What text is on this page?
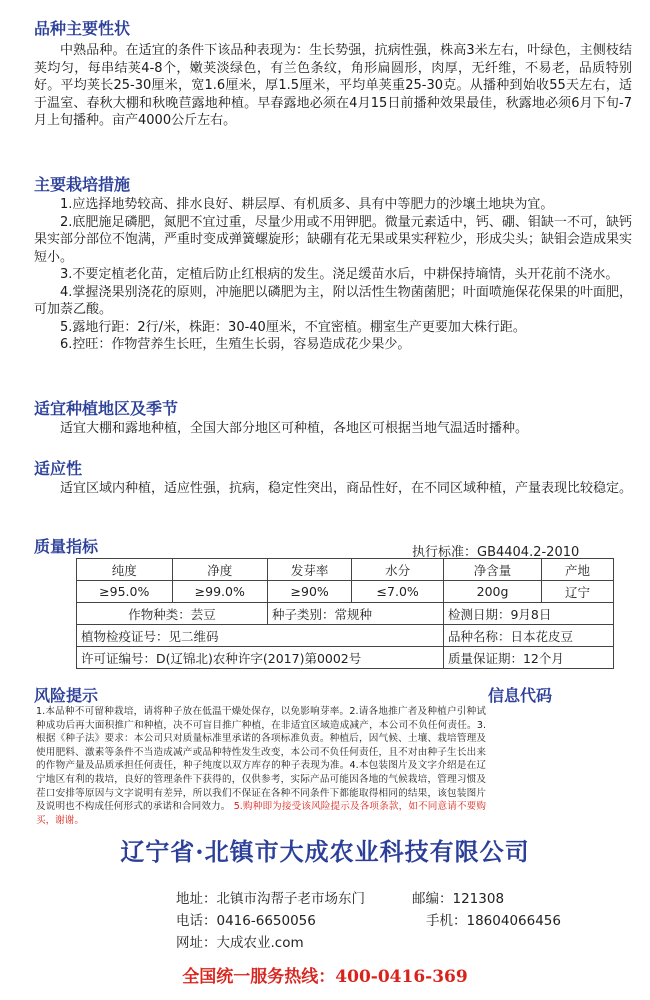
品种主要性状

中熟品种。在适宜的条件下该品种表现为：生长势强，抗病性强，株高3米左右，叶绿色，主侧枝结荚均匀，每串结荚4-8个，嫩荚淡绿色，有兰色条纹，角形扁圆形，肉厚，无纤维，不易老，品质特别好。平均荚长25-30厘米，宽1.6厘米，厚1.5厘米，平均单荚重25-30克。从播种到始收55天左右，适于温室、春秋大棚和秋晚苣露地种植。早春露地必须在4月15日前播种效果最佳，秋露地必须6月下旬-7月上旬播种。亩产4000公斤左右。

主要栽培措施

1.应选择地势较高、排水良好、耕层厚、有机质多、具有中等肥力的沙壤土地块为宜。

2.底肥施足磷肥，氮肥不宜过重，尽量少用或不用钾肥。微量元素适中，钙、硼、钼缺一不可，缺钙果实部分部位不饱满，严重时变成弹簧螺旋形；缺硼有花无果或果实秤粒少，形成尖头；缺钼会造成果实短小。

3.不要定植老化苗，定植后防止红根病的发生。浇足缓苗水后，中耕保持墒情，头开花前不浇水。

4.掌握浇果别浇花的原则，冲施肥以磷肥为主，附以活性生物菌菌肥；叶面喷施保花保果的叶面肥，可加萘乙酸。

5.露地行距：2行/米，株距：30-40厘米，不宜密植。棚室生产更要加大株行距。

6.控旺：作物营养生长旺，生殖生长弱，容易造成花少果少。

适宜种植地区及季节

适宜大棚和露地种植，全国大部分地区可种植，各地区可根据当地气温适时播种。

适应性

适宜区域内种植，适应性强，抗病，稳定性突出，商品性好，在不同区域种植，产量表现比较稳定。

质量指标	执行标准：GB4404.2-2010
纯度	净度	发芽率	水分	净含量	产地
≥95.0%	≥99.0%	≥90%	≤7.0%	200g	辽宁
作物种类：芸豆		种子类别：常规种		检测日期：9月8日	
植物检疫证号：见二维码				品种名称：日本花皮豆	
许可证编号：D(辽锦北)农种许字(2017)第0002号				质量保证期：12个月	
风险提示	信息代码
1.本品种不可留种栽培，请将种子放在低温干燥处保存，以免影响芽率。2.请各地推广者及种植户引种试种成功后再大面积推广和种植，决不可盲目推广种植，在非适宜区域造成减产，本公司不负任何责任。3.根据《种子法》要求：本公司只对质量标准里承诺的各项标准负责。种植后，因气候、土壤、栽培管理及使用肥料、激素等条件不当造成减产或品种特性发生改变，本公司不负任何责任，且不对由种子生长出来的作物产量及品质承担任何责任，种子纯度以双方库存的种子表现为准。4.本包装图片及文字介绍是在辽宁地区有利的栽培，良好的管理条件下获得的，仅供参考，实际产品可能因各地的气候栽培，管理习惯及茬口安排等原因与文字说明有差异，所以我们不保证在各种不同条件下都能取得相同的结果，该包装图片及说明也不构成任何形式的承诺和合同效力。 5.购种即为接受该风险提示及各项条款，如不同意请不要购买，谢谢。
辽宁省·北镇市大成农业科技有限公司
地址：北镇市沟帮子老市场东门	邮编：121308
电话：0416-6650056	手机：18604066456
网址：大成农业.com
全国统一服务热线：400-0416-369
